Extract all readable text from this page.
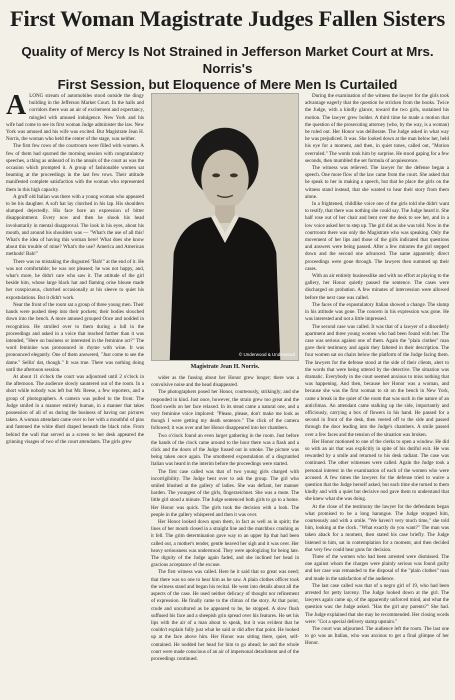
First Woman Magistrate Judges Fallen Sisters
Quality of Mercy Is Not Strained in Jefferson Market Court at Mrs. Norris's
First Session, but Eloquence of Mere Men Is Curtailed

ALONG stream of automobiles stood outside the dingy building in the Jefferson Market Court. In the halls and corridors there was an air of excitement and expectancy, mingled with amused indulgence. New York and his wife had come to see its first woman Judge administer the law. New York was amused and his wife was excited. But Magistrate Jean H. Norris, the woman who held the center of the stage, was neither.

The first few rows of the courtroom were filled with women. A few of them had spurned the morning session with congratulatory speeches, a thing as unheard of in the annals of the court as was the occasion which prompted it. A group of fashionable women sat beaming at the proceedings in the last few rows. Their attitude manifested complete satisfaction with the woman who represented them in this high capacity.

A gruff old Italian was there with a young woman who appeared to be his daughter. A soft hat lay clutched in his lap. His shoulders slumped dejectedly. His face bore an expression of bitter disappointment. Every now and then he shook his head involuntarily in mental disapproval. The look in his eyes, about his mouth, and around his shoulders was — "What's the use of all this! What's the idea of having this woman here! What does she know about this trouble of mine? What's the use? America and American methods! Bah!"

There was no mistaking the disgusted "Bah!" at the end of it. He was not comfortable; he was not pleased; he was not happy, and, what's more, he didn't care who saw it. The attitude of the girl beside him, whose large black hat and flaming orise blouse made her conspicuous, clutched occasionally at his sleeve to quiet his expostulations. But it didn't work.

Near the front of the room sat a group of three young men. Their hands were pushed deep into their pockets; their bodies slouched down into the bench. A more amused grouped Once and nodded in recognition. He strolled over to them during a lull in the proceedings and asked in a voice that reached further than it was intended, "Here on business or interested in the feminine act?" The word feminine was pronounced in rhyme with wine. It was pronounced elegantly. One of them answered, "Just come to see the dame." Sellin' dat, though." It was true. There was nothing doing until the afternoon session.

At about 11 o'clock the court was adjourned until 2 o'clock in the afternoon. The audience slowly sauntered out of the room. In a short while nobody was left but Mr. Reese, a few reporters, and a group of photographers. A camera was pulled to the front. The Judge smiled in a manner entirely human, in a manner that takes possession of all of us during the business of having our pictures taken. A woman attendant came over to her with a mouthful of pins and fastened the white dhotl draped beneath the black robe. From behind the wall that served as a screen to her desk appeared the grinning visages of two of the court attendants. The girls grew

© Underwood & Underwood
Magistrate Jean H. Norris.

wider as the fussing about her Honor grew longer; there was a convulsive noise and the head disappeared.

The photographers posed her Honor, courteously, strikingly; and she responded in kind. Just once, however, the strain grew too great and the flood swells on her face relaxed. In its stead came a natural one, and a very feminine voice implored: "Please, please, don't make me look as though I were getting my death sentence." The click of the camera followed; it was over and her Honor disappeared into her chambers.

Two o'clock found an even larger gathering in the room. Just before the hands of the clock came around to the hour there was a flash and a click and the doors of the Judge fussed out in smoke. The picture was being taken once again. The smothered expostulation of a disgruntled Italian was heard in the interim before the proceedings were started.

The first case called was that of two young girls charged with incorrigibility. The Judge bent over to ask the group. The girl who smiled blushed at the gallery of ladies. She was defiant, her manner harden. The youngest of the girls, fingerzeichnet. She was a mute. The little girl stood a minute. The Judge sentenced both girls to go to a home. Her Honor was quick. The girls took the decision with a look. The people in the gallery whispered and then it was over.

Her Honor looked down upon them, in fact as well as in spirit; the lines of her mouth closed in a straight line and the matchbox crashing as it fell. The grim determination gave way to an upper lip that had been called out, a mother's tender, gentle heaved her sigh and it was over. Her heavy seriousness was understood. They were apologizing for being late. The dignity of the Judge again faded, and she inclined her head in gracious acceptance of the excuse.

The first witness was called. Here he it said that so great was need; that there was no one to hear him as he saw. A plain clothes officer took the witness stand and began his recital. He went into details about all the aspects of the case. He used neither delicacy of thought nor refinement of expression. He finally came to the climax of the story. At that point, crude and uncultured as he appeared to be, he stopped. A slow flush suffused his face and a sheepish grin spread over his features. He set his lips with the air of a man about to speak, but it was evident that he couldn't explain fully just what he said or did after that point. He looked up at the face above him. Her Honor was sitting there, quiet, self-contained. He nodded her head for him to go ahead; he and the whole court were made conscious of an air of impersonal detachment and of the proceedings continued.

During the examination of the witness the lawyer for the girls took advantage eagerly that the question he stricken from the books. Twice the Judge, with a kindly glance, toward the two girls, sustained his motion. The lawyer grew bolder. A third time he made a motion that the question of the prosecuting attorney (who, by the way, is a woman) be ruled out. Her Honor was deliberate. The Judge asked in what way he was prejudiced. It was. She looked down at the man below her, held his eye for a moment, and then, in quiet tones, called out, "Motion overruled." The words took him by surprise. He stood gaping for a few seconds, then mumbled the set formula of acquiescence.

The witness was relieved. The lawyer for the defense began a speech. One more flow of the law came from the court. She asked that he speak to her in making a speech, but that he place the girls on the witness stand instead, that she wanted to hear their story from them alone.

In a frightened, childlike voice one of the girls told she didn't want to testify, that there was nothing she could say. The Judge heard it. She half rose out of her chair and bent over the desk to see her, and in a low voice asked her to step up. The girl did as she was told. Now in the courtroom there was only the Magistrate who was speaking. Only the movement of her lips and those of the girls indicated that questions and answers were being passed. After a few minutes the girl stepped down and the second one advanced. The same apparently direct proceedings were gone through. The lawyers then summed up their cases.

With an air entirely businesslike and with no effort at playing to the gallery, her Honor quietly passed the sentence. The cases were discharged on probation. A few minutes of intercession were allowed before the next case was called.

The faces of the expostulatory Italian showed a change. The slump in his attitude was gone. The concern in his expression was gone. He was interested and not a little impressed.

The second case was called. It was that of a lawyer of a disorderly apartment and three young women who had been found with her. The case was serious against one of them. Again the "plain clothes" man gave their testimony and again they faltered in their description. The four women sat on chairs below the platform of the Judge facing them. The lawyers for the defense stood at the side of their clients, alert to the words that were being uttered by the detective. The situation was dramatic. Everybody in the court seemed anxious to miss nothing that was happening. And then, because her Honor was a woman, and because she was the first woman to sit on the bench in New York, came a break in the quiet of the room that was such in the nature of an anticlimax. An attendant came stalking up the side, importantly and officiously, carrying a box of flowers in his hand. He passed for a second in front of the desk, then veered off to the side and passed through the door leading into the Judge's chambers. A smile passed over a few faces and the tension of the situation was broken.

Her Honor motioned to one of the clerks to open a window. He did so with an air that was explicitly in spite of his dutiful exit. He was rewarded by a smile and returned to his desk radiant. The case was continued. The other witnesses were called. Again the Judge took a personal interest in the examination of each of the women who were accused. A few times the lawyers for the defense tried to waive a question that the Judge herself asked, but each time she turned to them kindly and with a quiet but decisive nod gave them to understand that she knew what she was doing.

At the close of the testimony the lawyer for the defendants began what promised to be a long harangue. The Judge stopped him, courteously and with a smile. "We haven't very much time," she told him, looking at the clock. "What exactly do you want?" The man was taken aback for a moment, then stated his case briefly. The Judge listened to him, sat in contemplation for a moment, and then decided that very few could hear guns for decision.

Three of the women who had been arrested were dismissed. The one against whom the charges were plainly serious was found guilty and her case was remanded to the disposal of the "plain clothes" man and made in the satisfaction of the audience.

The last case called was that of a negro girl of 19, who had been arrested for petty larceny. The Judge looked down at the girl. The lawyers again came up, of the apparently unforced mind, and what the question was: the Judge asked. "Has the girl any parents?" She had. The Judge explained that she may be recommended. Her closing words were: "Got a special delivery stamp upstairs."

The court was adjourned. The audience left the room. The last one to go was an Italian, who was anxious to get a final glimpse of her Honor.
